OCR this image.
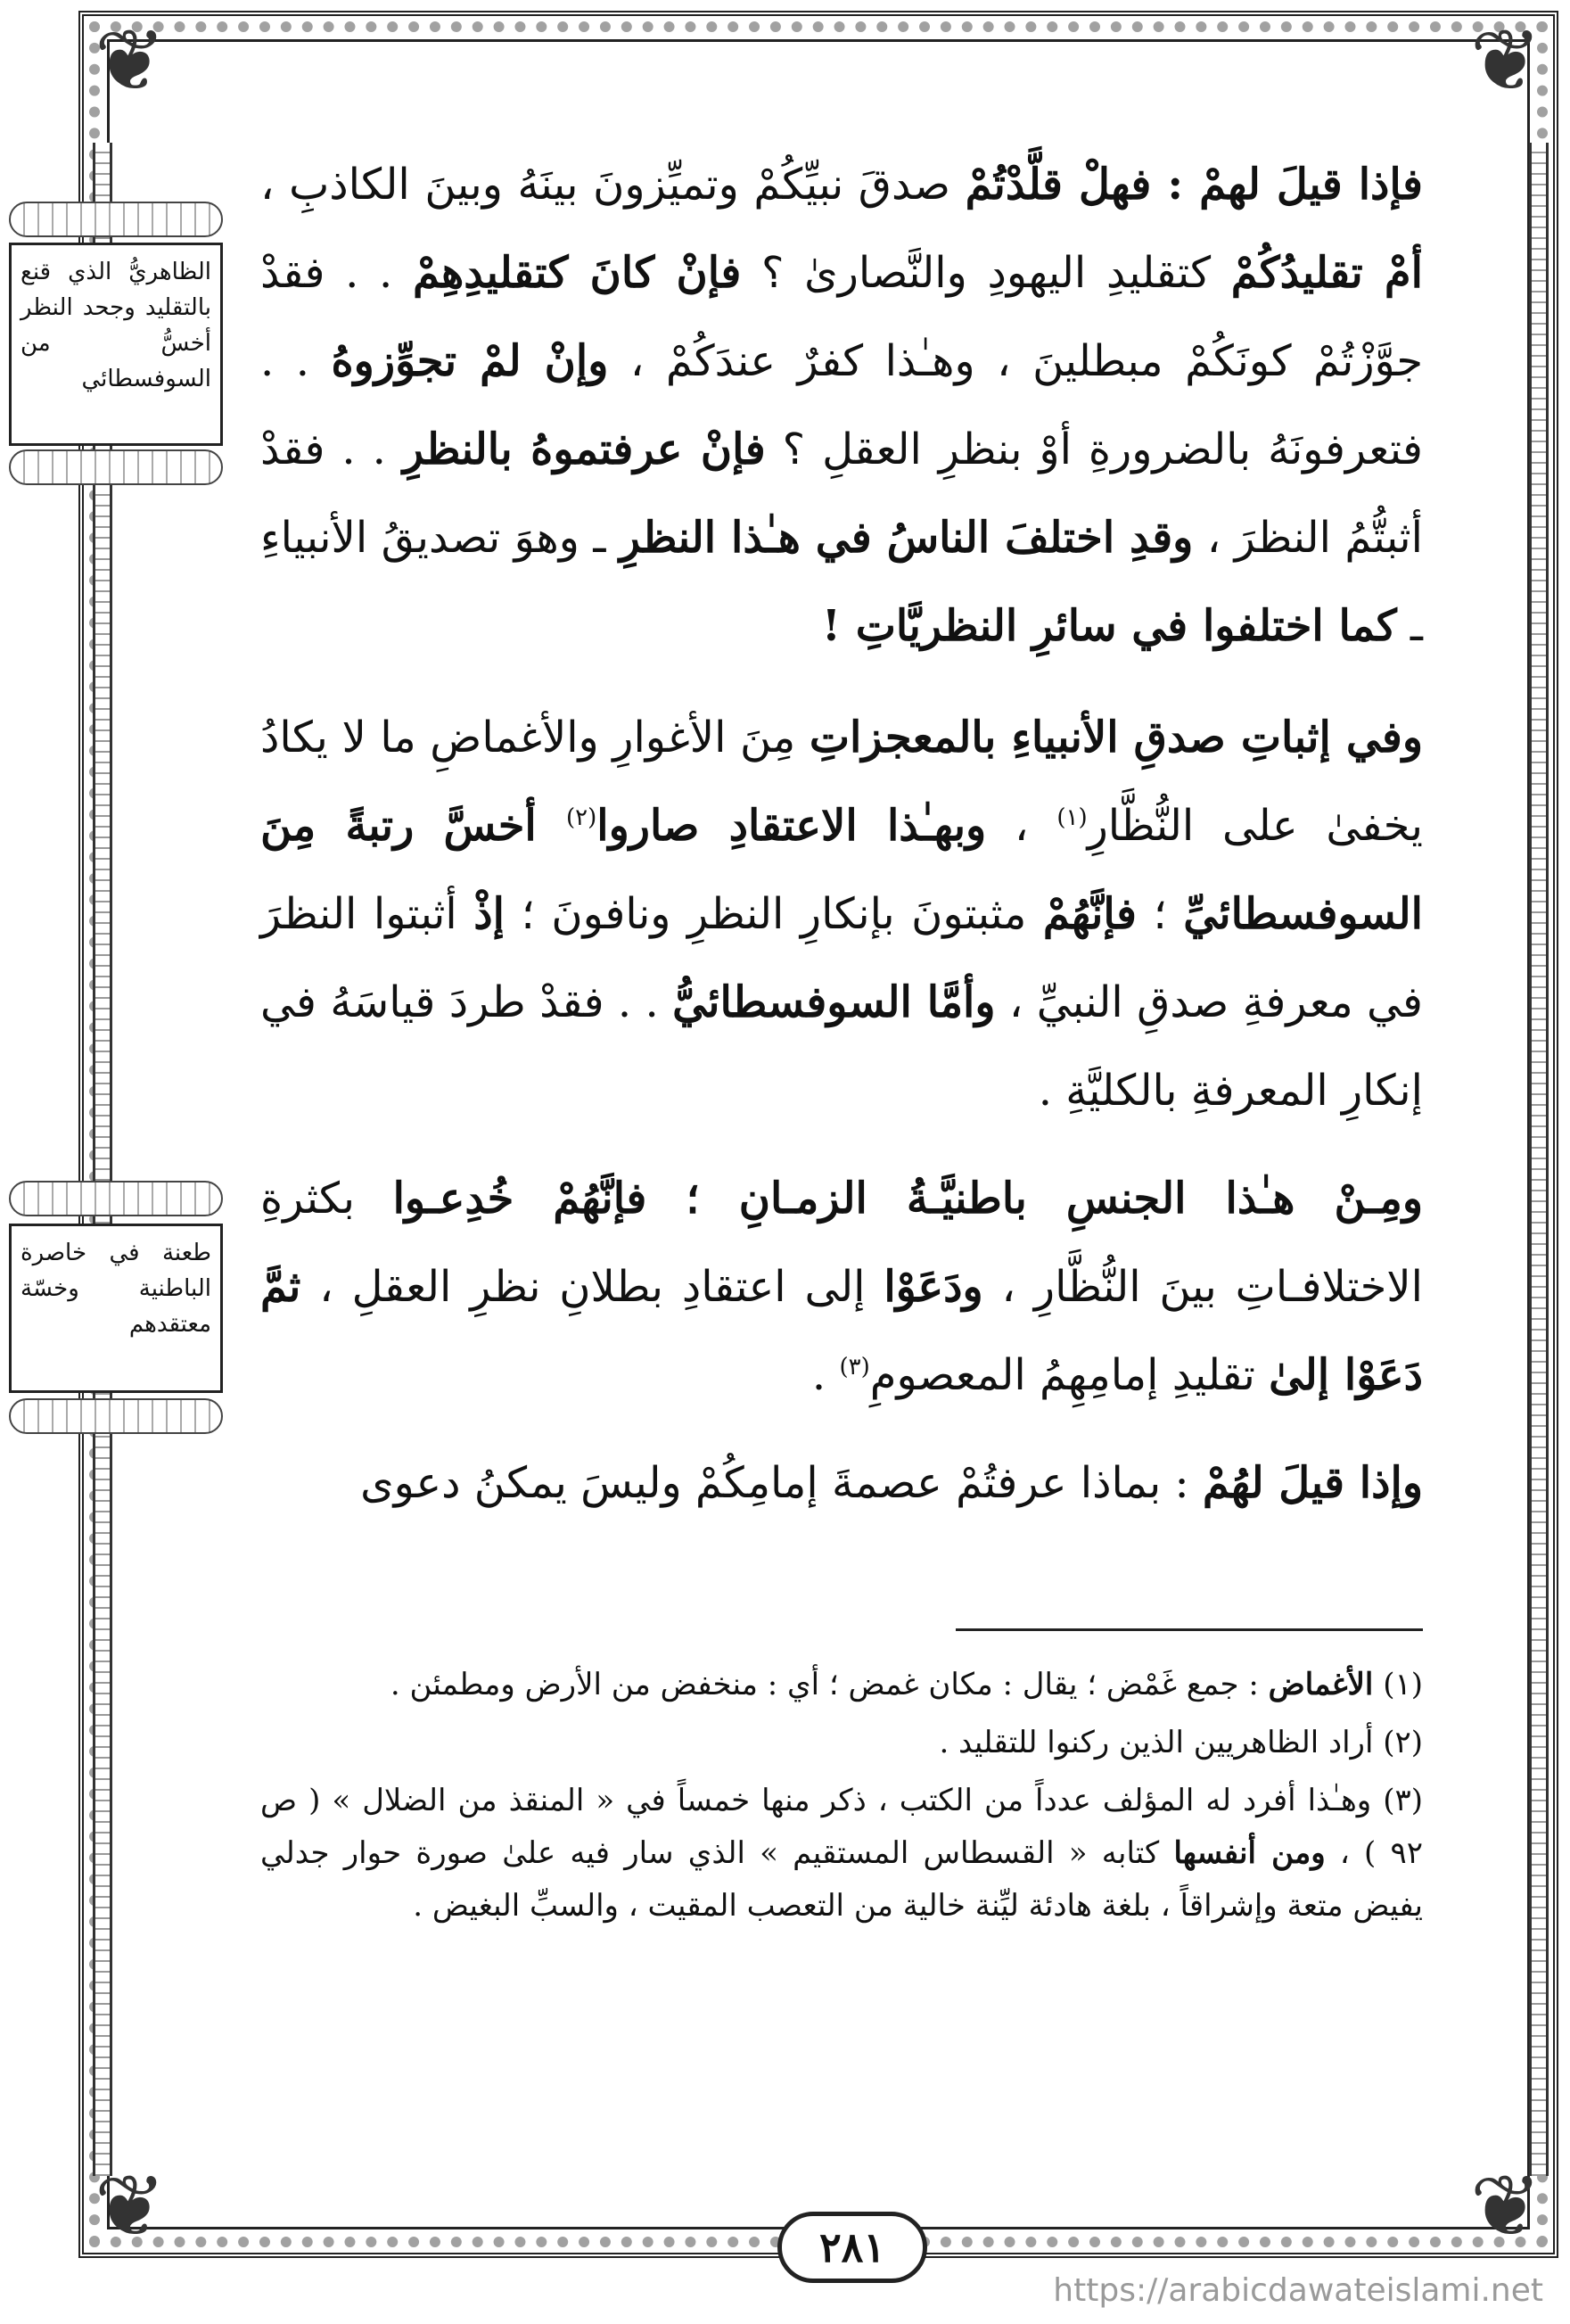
❦
❦
❦
❦
الظاهريُّ الذي قنع بالتقليد وجحد النظر أخسُّ من السوفسطائي
طعنة في خاصرة الباطنية وخسّة معتقدهم

فإذا قيلَ لهمْ : فهلْ قلَّدْتُمْ صدقَ نبيِّكُمْ وتميِّزونَ بينَهُ وبينَ الكاذبِ ، أمْ تقليدُكُمْ كتقليدِ اليهودِ والنَّصارىٰ ؟ فإنْ كانَ كتقليدِهِمْ . . فقدْ جوَّزْتُمْ كونَكُمْ مبطلينَ ، وهـٰذا كفرٌ عندَكُمْ ، وإنْ لمْ تجوِّزوهُ . . فتعرفونَهُ بالضرورةِ أوْ بنظرِ العقلِ ؟ فإنْ عرفتموهُ بالنظرِ . . فقدْ أثبتُّمُ النظرَ ، وقدِ اختلفَ الناسُ في هـٰذا النظرِ ـ وهوَ تصديقُ الأنبياءِ ـ كما اختلفوا في سائرِ النظريَّاتِ !

وفي إثباتِ صدقِ الأنبياءِ بالمعجزاتِ مِنَ الأغوارِ والأغماضِ ما لا يكادُ يخفىٰ على النُّظَّارِ$^{(١)}$ ، وبهـٰذا الاعتقادِ صاروا$^{(٢)}$ أخسَّ رتبةً مِنَ السوفسطائيِّ ؛ فإنَّهُمْ مثبتونَ بإنكارِ النظرِ ونافونَ ؛ إذْ أثبتوا النظرَ في معرفةِ صدقِ النبيِّ ، وأمَّا السوفسطائيُّ . . فقدْ طردَ قياسَهُ في إنكارِ المعرفةِ بالكليَّةِ .

ومِـنْ هـٰذا الجنسِ باطنيَّـةُ الزمـانِ ؛ فإنَّهُمْ خُدِعـوا بكثرةِ الاختلافـاتِ بينَ النُّظَّارِ ، ودَعَوْا إلى اعتقادِ بطلانِ نظرِ العقلِ ، ثمَّ دَعَوْا إلىٰ تقليدِ إمامِهِمُ المعصومِ$^{(٣)}$ .

وإذا قيلَ لهُمْ : بماذا عرفتُمْ عصمةَ إمامِكُمْ وليسَ يمكنُ دعوى

(١) الأغماض : جمع غَمْض ؛ يقال : مكان غمض ؛ أي : منخفض من الأرض ومطمئن .

(٢) أراد الظاهريين الذين ركنوا للتقليد .

(٣) وهـٰذا أفرد له المؤلف عدداً من الكتب ، ذكر منها خمساً في « المنقذ من الضلال » ( ص ٩٢ ) ، ومن أنفسها كتابه « القسطاس المستقيم » الذي سار فيه علىٰ صورة حوار جدلي يفيض متعة وإشراقاً ، بلغة هادئة ليِّنة خالية من التعصب المقيت ، والسبِّ البغيض .

٢٨١
https://arabicdawateislami.net
